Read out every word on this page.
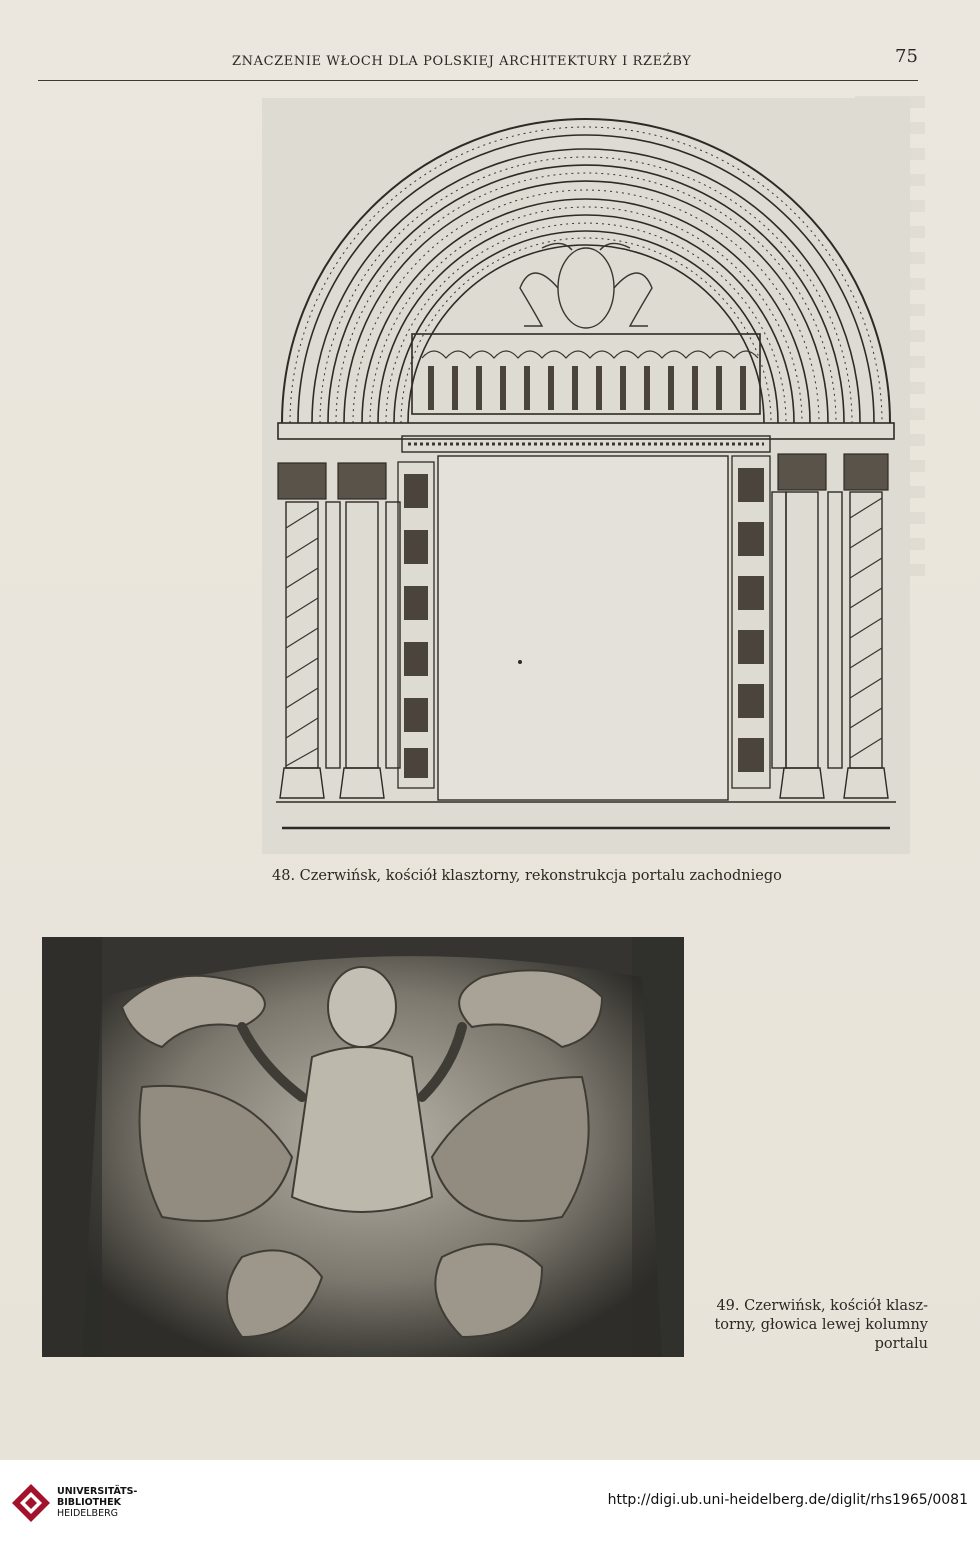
ZNACZENIE WŁOCH DLA POLSKIEJ ARCHITEKTURY I RZEŹBY	75
48. Czerwińsk, kościół klasztorny, rekonstrukcja portalu zachodniego
49. Czerwińsk, kościół klasz-
torny, głowica lewej kolumny
portalu
UNIVERSITÄTS-
BIBLIOTHEK
HEIDELBERG
http://digi.ub.uni-heidelberg.de/diglit/rhs1965/0081
